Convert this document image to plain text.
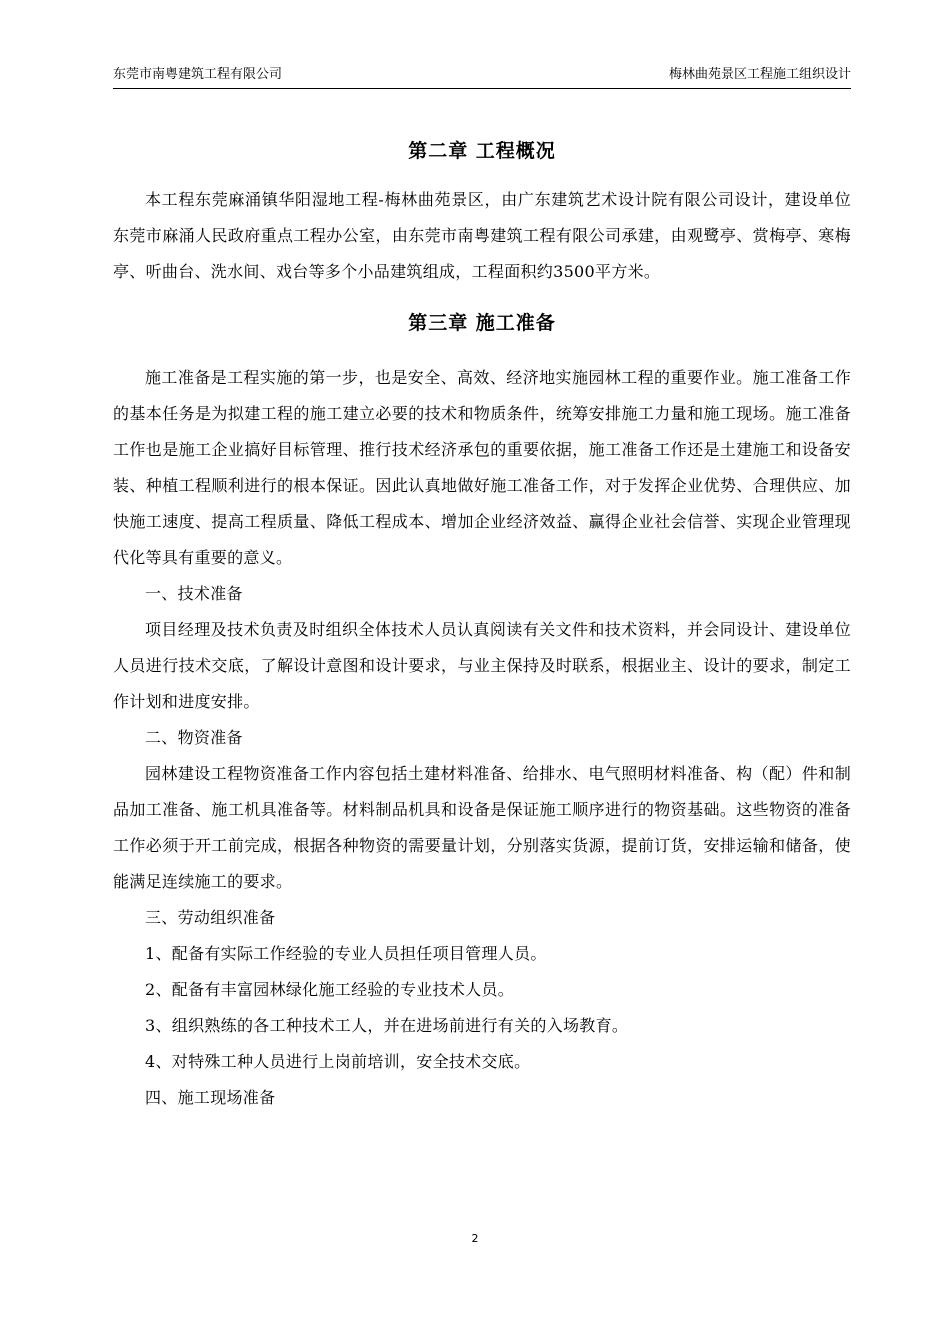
东莞市南粤建筑工程有限公司	梅林曲苑景区工程施工组织设计
第二章 工程概况

本工程东莞麻涌镇华阳湿地工程-梅林曲苑景区，由广东建筑艺术设计院有限公司设计，建设单位东莞市麻涌人民政府重点工程办公室，由东莞市南粤建筑工程有限公司承建，由观鹭亭、赏梅亭、寒梅亭、听曲台、洗水间、戏台等多个小品建筑组成，工程面积约3500平方米。

第三章 施工准备

施工准备是工程实施的第一步，也是安全、高效、经济地实施园林工程的重要作业。施工准备工作的基本任务是为拟建工程的施工建立必要的技术和物质条件，统筹安排施工力量和施工现场。施工准备工作也是施工企业搞好目标管理、推行技术经济承包的重要依据，施工准备工作还是土建施工和设备安装、种植工程顺利进行的根本保证。因此认真地做好施工准备工作，对于发挥企业优势、合理供应、加快施工速度、提高工程质量、降低工程成本、增加企业经济效益、赢得企业社会信誉、实现企业管理现代化等具有重要的意义。

一、技术准备

项目经理及技术负责及时组织全体技术人员认真阅读有关文件和技术资料，并会同设计、建设单位人员进行技术交底，了解设计意图和设计要求，与业主保持及时联系，根据业主、设计的要求，制定工作计划和进度安排。

二、物资准备

园林建设工程物资准备工作内容包括土建材料准备、给排水、电气照明材料准备、构（配）件和制品加工准备、施工机具准备等。材料制品机具和设备是保证施工顺序进行的物资基础。这些物资的准备工作必须于开工前完成，根据各种物资的需要量计划，分别落实货源，提前订货，安排运输和储备，使能满足连续施工的要求。

三、劳动组织准备

1、配备有实际工作经验的专业人员担任项目管理人员。

2、配备有丰富园林绿化施工经验的专业技术人员。

3、组织熟练的各工种技术工人，并在进场前进行有关的入场教育。

4、对特殊工种人员进行上岗前培训，安全技术交底。

四、施工现场准备

2
